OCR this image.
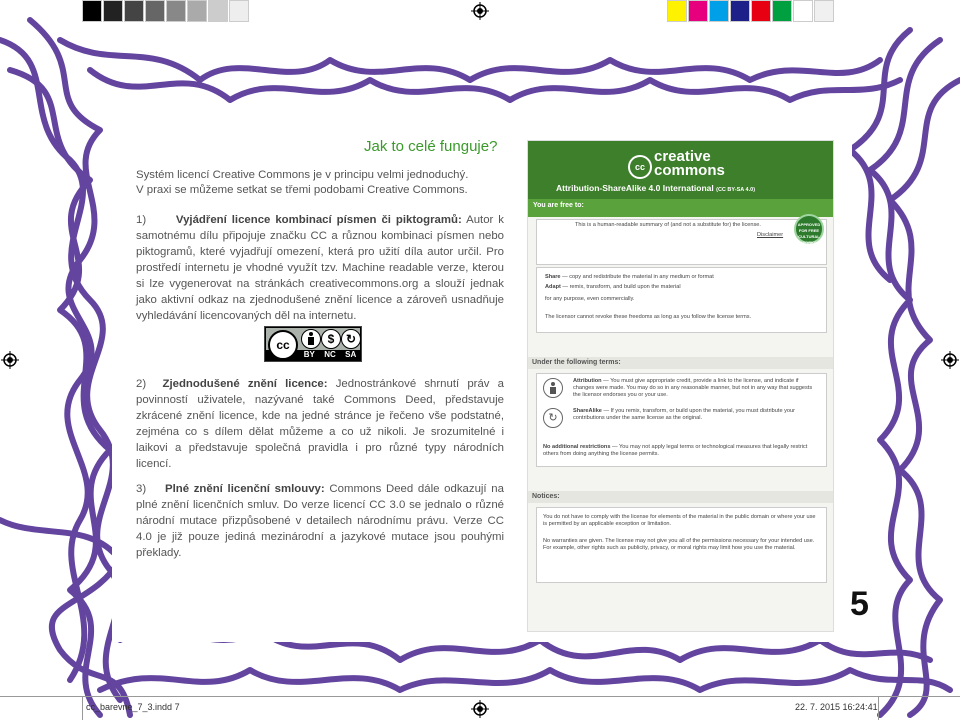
Jak to celé funguje?
Systém licencí Creative Commons je v principu velmi jednoduchý.
V praxi se můžeme setkat se třemi podobami Creative Commons.
1)	Vyjádření licence kombinací písmen či piktogramů: Autor k samotnému dílu připojuje značku CC a různou kombinaci písmen nebo piktogramů, které vyjadřují omezení, která pro užití díla autor určil. Pro prostředí internetu je vhodné využít tzv. Machine readable verze, kterou si lze vygenerovat na stránkách creativecommons.org a slouží jednak jako aktivní odkaz na zjednodušené znění licence a zároveň usnadňuje vyhledávání licencovaných děl na internetu.
cc	$ ↻
BY NC SA
2) Zjednodušené znění licence: Jednostránkové shrnutí práv a povinností uživatele, nazývané také Commons Deed, představuje zkrácené znění licence, kde na jedné stránce je řečeno vše podstatné, zejména co s dílem dělat můžeme a co už nikoli. Je srozumitelné i laikovi a představuje společná pravidla i pro různé typy národních licencí.
3) Plné znění licenční smlouvy: Commons Deed dále odkazují na plné znění licenčních smluv. Do verze licencí CC 3.0 se jednalo o různé národní mutace přizpůsobené v detailech národnímu právu. Verze CC 4.0 je již pouze jediná mezinárodní a jazykové mutace jsou pouhými překlady.
cc
creative
commons
Attribution-ShareAlike 4.0 International (CC BY-SA 4.0)
You are free to:
This is a human-readable summary of (and not a substitute for) the license.
Disclaimer
APPROVED FOR FREE CULTURAL WORKS
Share — copy and redistribute the material in any medium or format
Adapt — remix, transform, and build upon the material
for any purpose, even commercially.
The licensor cannot revoke these freedoms as long as you follow the license terms.
Under the following terms:
Attribution — You must give appropriate credit, provide a link to the license, and indicate if changes were made. You may do so in any reasonable manner, but not in any way that suggests the licensor endorses you or your use.
↻
ShareAlike — If you remix, transform, or build upon the material, you must distribute your contributions under the same license as the original.
No additional restrictions — You may not apply legal terms or technological measures that legally restrict others from doing anything the license permits.
Notices:
You do not have to comply with the license for elements of the material in the public domain or where your use is permitted by an applicable exception or limitation.
No warranties are given. The license may not give you all of the permissions necessary for your intended use. For example, other rights such as publicity, privacy, or moral rights may limit how you use the material.
5
cc_barevne_7_3.indd 7	22. 7. 2015 16:24:41
